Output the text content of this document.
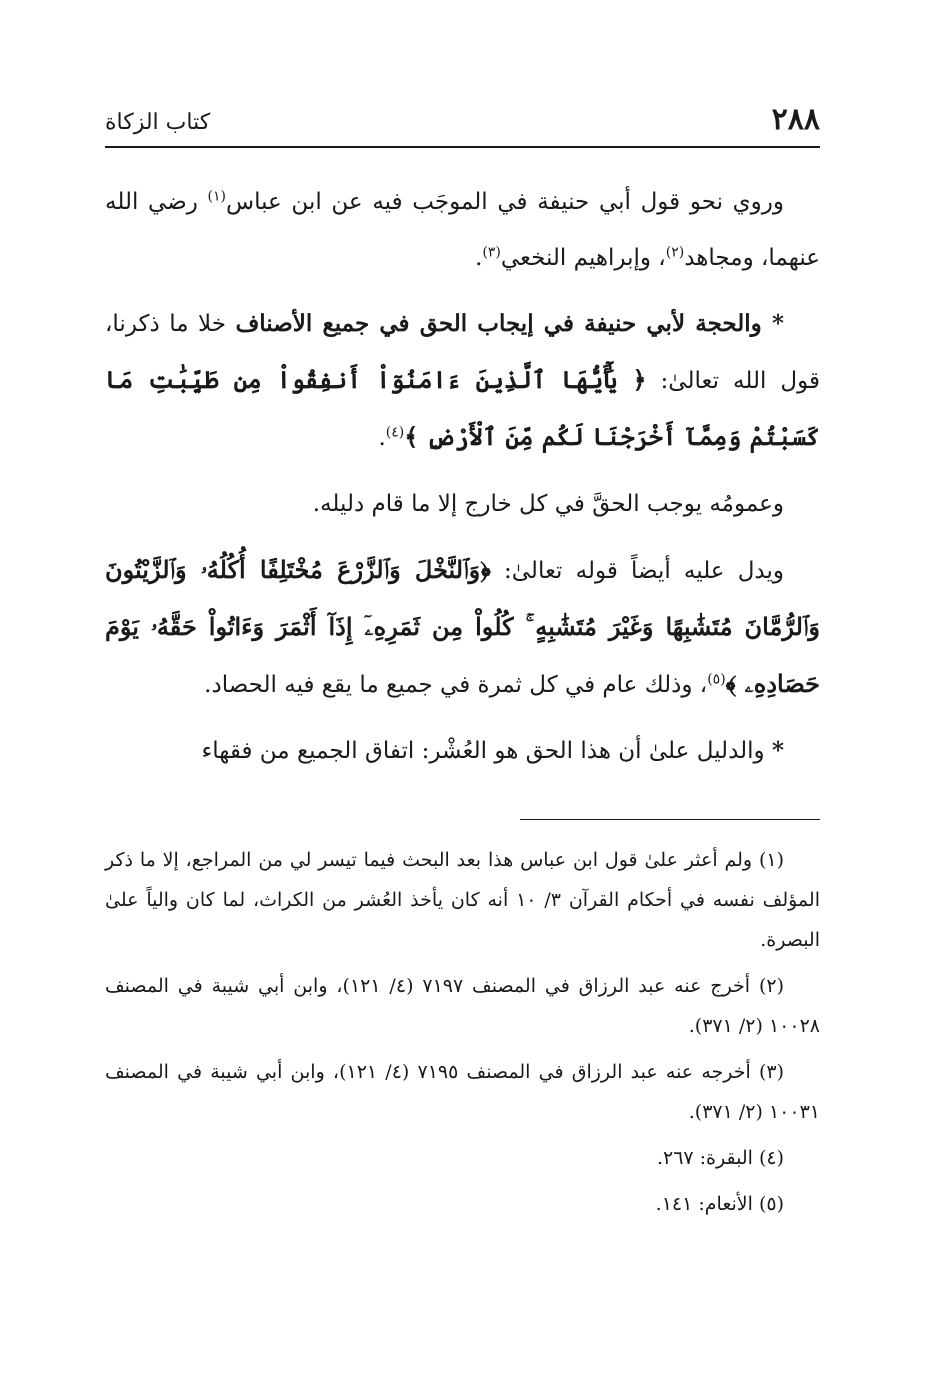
٢٨٨
كتاب الزكاة

وروي نحو قول أبي حنيفة في الموجَب فيه عن ابن عباس$^{(١)}$ رضي الله عنهما، ومجاهد$^{(٢)}$، وإبراهيم النخعي$^{(٣)}$.

* والحجة لأبي حنيفة في إيجاب الحق في جميع الأصناف خلا ما ذكرنا، قول الله تعالىٰ: ﴿ يَٰٓأَيُّهَا ٱلَّذِينَ ءَامَنُوٓاْ أَنفِقُواْ مِن طَيِّبَٰتِ مَا كَسَبْتُمْ وَمِمَّآ أَخْرَجْنَا لَكُم مِّنَ ٱلْأَرْضِ ﴾$^{(٤)}$.

وعمومُه يوجب الحقَّ في كل خارج إلا ما قام دليله.

ويدل عليه أيضاً قوله تعالىٰ: ﴿وَٱلنَّخْلَ وَٱلزَّرْعَ مُخْتَلِفًا أُكُلُهُۥ وَٱلزَّيْتُونَ وَٱلرُّمَّانَ مُتَشَٰبِهًا وَغَيْرَ مُتَشَٰبِهٍ ۚ كُلُواْ مِن ثَمَرِهِۦٓ إِذَآ أَثْمَرَ وَءَاتُواْ حَقَّهُۥ يَوْمَ حَصَادِهِۦ ﴾$^{(٥)}$، وذلك عام في كل ثمرة في جميع ما يقع فيه الحصاد.

* والدليل علىٰ أن هذا الحق هو العُشْر: اتفاق الجميع من فقهاء

(١) ولم أعثر علىٰ قول ابن عباس هذا بعد البحث فيما تيسر لي من المراجع، إلا ما ذكر المؤلف نفسه في أحكام القرآن ٣/ ١٠ أنه كان يأخذ العُشر من الكراث، لما كان والياً علىٰ البصرة.

(٢) أخرج عنه عبد الرزاق في المصنف ٧١٩٧ (٤/ ١٢١)، وابن أبي شيبة في المصنف ١٠٠٢٨ (٢/ ٣٧١).

(٣) أخرجه عنه عبد الرزاق في المصنف ٧١٩٥ (٤/ ١٢١)، وابن أبي شيبة في المصنف ١٠٠٣١ (٢/ ٣٧١).

(٤) البقرة: ٢٦٧.

(٥) الأنعام: ١٤١.
